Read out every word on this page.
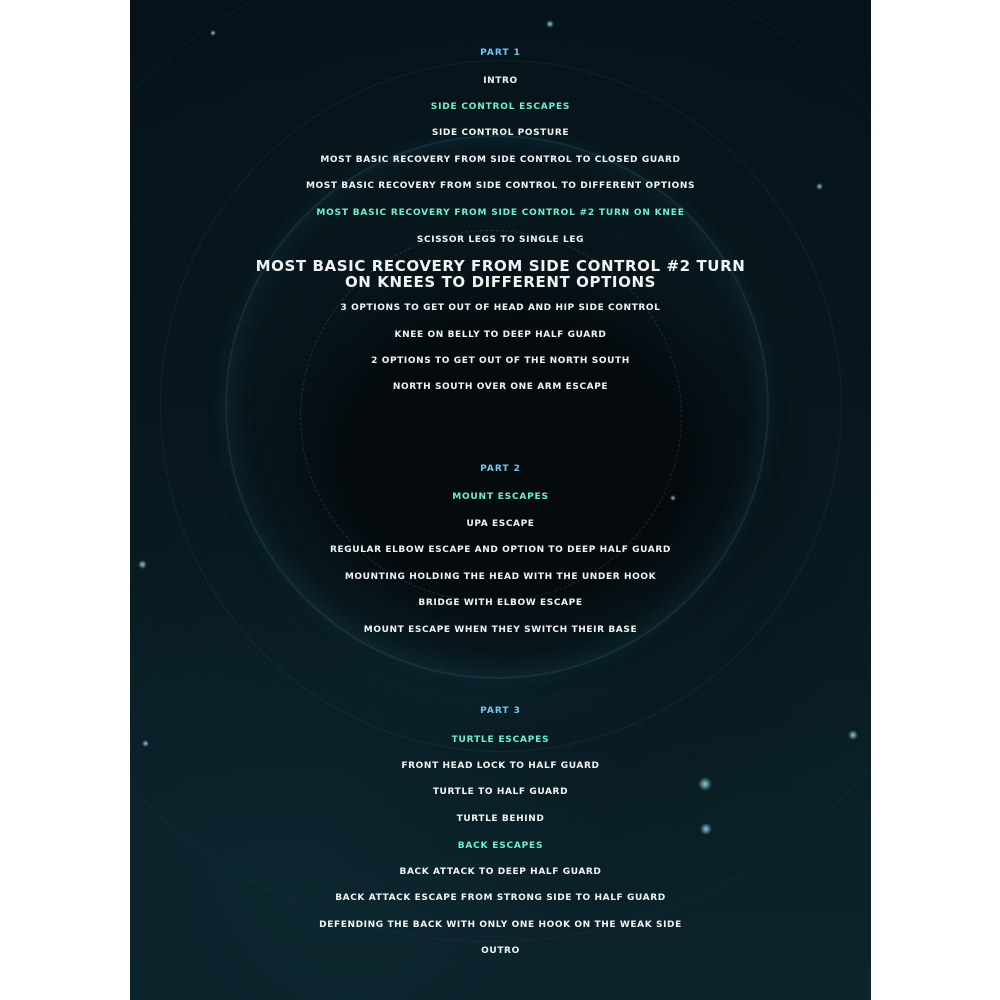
PART 1
INTRO
SIDE CONTROL ESCAPES
SIDE CONTROL POSTURE
MOST BASIC RECOVERY FROM SIDE CONTROL TO CLOSED GUARD
MOST BASIC RECOVERY FROM SIDE CONTROL TO DIFFERENT OPTIONS
MOST BASIC RECOVERY FROM SIDE CONTROL #2 TURN ON KNEE
SCISSOR LEGS TO SINGLE LEG
MOST BASIC RECOVERY FROM SIDE CONTROL #2 TURN ON KNEES TO DIFFERENT OPTIONS
3 OPTIONS TO GET OUT OF HEAD AND HIP SIDE CONTROL
KNEE ON BELLY TO DEEP HALF GUARD
2 OPTIONS TO GET OUT OF THE NORTH SOUTH
NORTH SOUTH OVER ONE ARM ESCAPE
PART 2
MOUNT ESCAPES
UPA ESCAPE
REGULAR ELBOW ESCAPE AND OPTION TO DEEP HALF GUARD
MOUNTING HOLDING THE HEAD WITH THE UNDER HOOK
BRIDGE WITH ELBOW ESCAPE
MOUNT ESCAPE WHEN THEY SWITCH THEIR BASE
PART 3
TURTLE ESCAPES
FRONT HEAD LOCK TO HALF GUARD
TURTLE TO HALF GUARD
TURTLE BEHIND
BACK ESCAPES
BACK ATTACK TO DEEP HALF GUARD
BACK ATTACK ESCAPE FROM STRONG SIDE TO HALF GUARD
DEFENDING THE BACK WITH ONLY ONE HOOK ON THE WEAK SIDE
OUTRO
